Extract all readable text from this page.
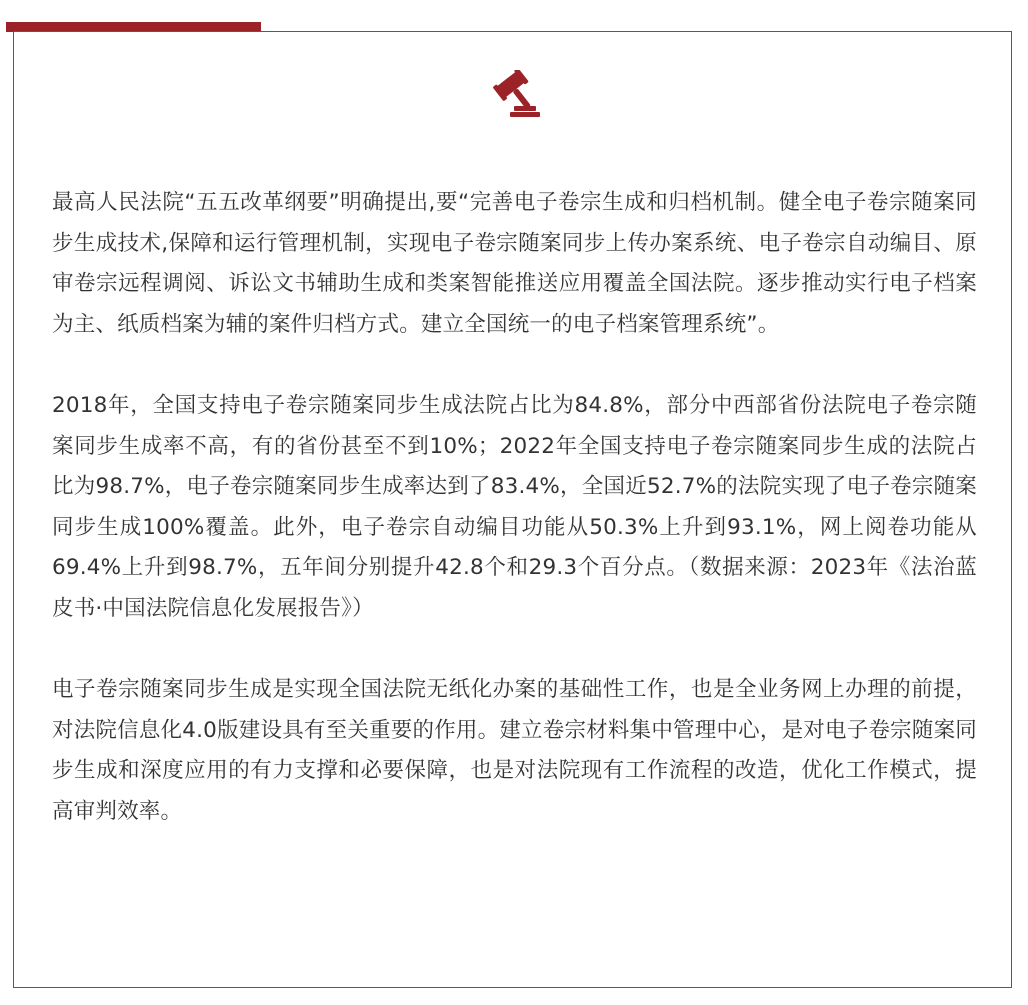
最高人民法院“五五改革纲要”明确提出,要“完善电子卷宗生成和归档机制。健全电子卷宗随案同步生成技术,保障和运行管理机制，实现电子卷宗随案同步上传办案系统、电子卷宗自动编目、原审卷宗远程调阅、诉讼文书辅助生成和类案智能推送应用覆盖全国法院。逐步推动实行电子档案为主、纸质档案为辅的案件归档方式。建立全国统一的电子档案管理系统”。

2018年，全国支持电子卷宗随案同步生成法院占比为84.8%，部分中西部省份法院电子卷宗随案同步生成率不高，有的省份甚至不到10%；2022年全国支持电子卷宗随案同步生成的法院占比为98.7%，电子卷宗随案同步生成率达到了83.4%，全国近52.7%的法院实现了电子卷宗随案同步生成100%覆盖。此外，电子卷宗自动编目功能从50.3%上升到93.1%，网上阅卷功能从69.4%上升到98.7%，五年间分别提升42.8个和29.3个百分点。（数据来源：2023年《法治蓝皮书·中国法院信息化发展报告》）

电子卷宗随案同步生成是实现全国法院无纸化办案的基础性工作，也是全业务网上办理的前提，对法院信息化4.0版建设具有至关重要的作用。建立卷宗材料集中管理中心，是对电子卷宗随案同步生成和深度应用的有力支撑和必要保障，也是对法院现有工作流程的改造，优化工作模式，提高审判效率。
